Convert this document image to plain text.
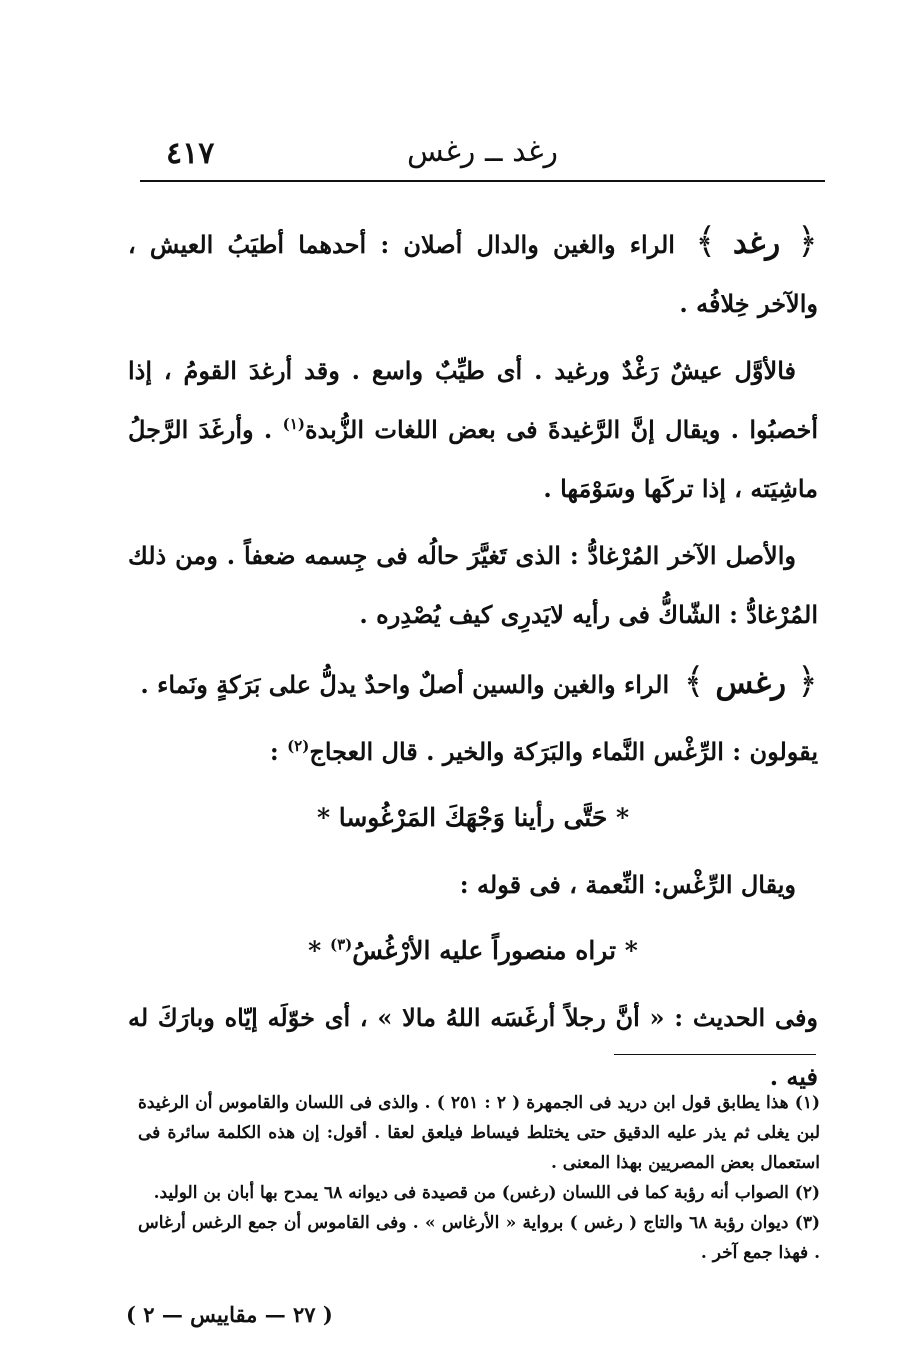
رغد ــ رغس
٤١٧

﴿ رغد ﴾ الراء والغين والدال أصلان : أحدهما أطيَبُ العيش ، والآخر خِلافُه .

فالأوَّل عيشٌ رَغْدٌ ورغيد . أى طيِّبٌ واسع . وقد أرغدَ القومُ ، إذا أخصبُوا . ويقال إنَّ الرَّغيدةَ فى بعض اللغات الزُّبدة$^{(١)}$ . وأرغَدَ الرَّجلُ ماشِيَته ، إذا تركَها وسَوْمَها .

والأصل الآخر المُرْغادُّ : الذى تَغيَّرَ حالُه فى جِسمه ضعفاً . ومن ذلك المُرْغادُّ : الشّاكُّ فى رأيه لايَدرِى كيف يُصْدِره .

﴿ رغس ﴾ الراء والغين والسين أصلٌ واحدٌ يدلُّ على بَرَكةٍ ونَماء .

يقولون : الرِّغْس النَّماء والبَرَكة والخير . قال العجاج$^{(٢)}$ :

* حَتَّى رأينا وَجْهَكَ المَرْغُوسا *

ويقال الرِّغْس: النِّعمة ، فى قوله :

* تراه منصوراً عليه الأرْغُسُ$^{(٣)}$ *

وفى الحديث : « أنَّ رجلاً أرغَسَه اللهُ مالا » ، أى خوّلَه إيّاه وبارَكَ له فيه .

(١) هذا يطابق قول ابن دريد فى الجمهرة ( ٢ : ٢٥١ ) . والذى فى اللسان والقاموس أن الرغيدة لبن يغلى ثم يذر عليه الدقيق حتى يختلط فيساط فيلعق لعقا . أقول: إن هذه الكلمة سائرة فى استعمال بعض المصريين بهذا المعنى .

(٢) الصواب أنه رؤبة كما فى اللسان (رغس) من قصيدة فى ديوانه ٦٨ يمدح بها أبان بن الوليد.

(٣) ديوان رؤبة ٦٨ والتاج ( رغس ) برواية « الأرغاس » . وفى القاموس أن جمع الرغس أرغاس . فهذا جمع آخر .

( ٢٧ — مقاييس — ٢ )
